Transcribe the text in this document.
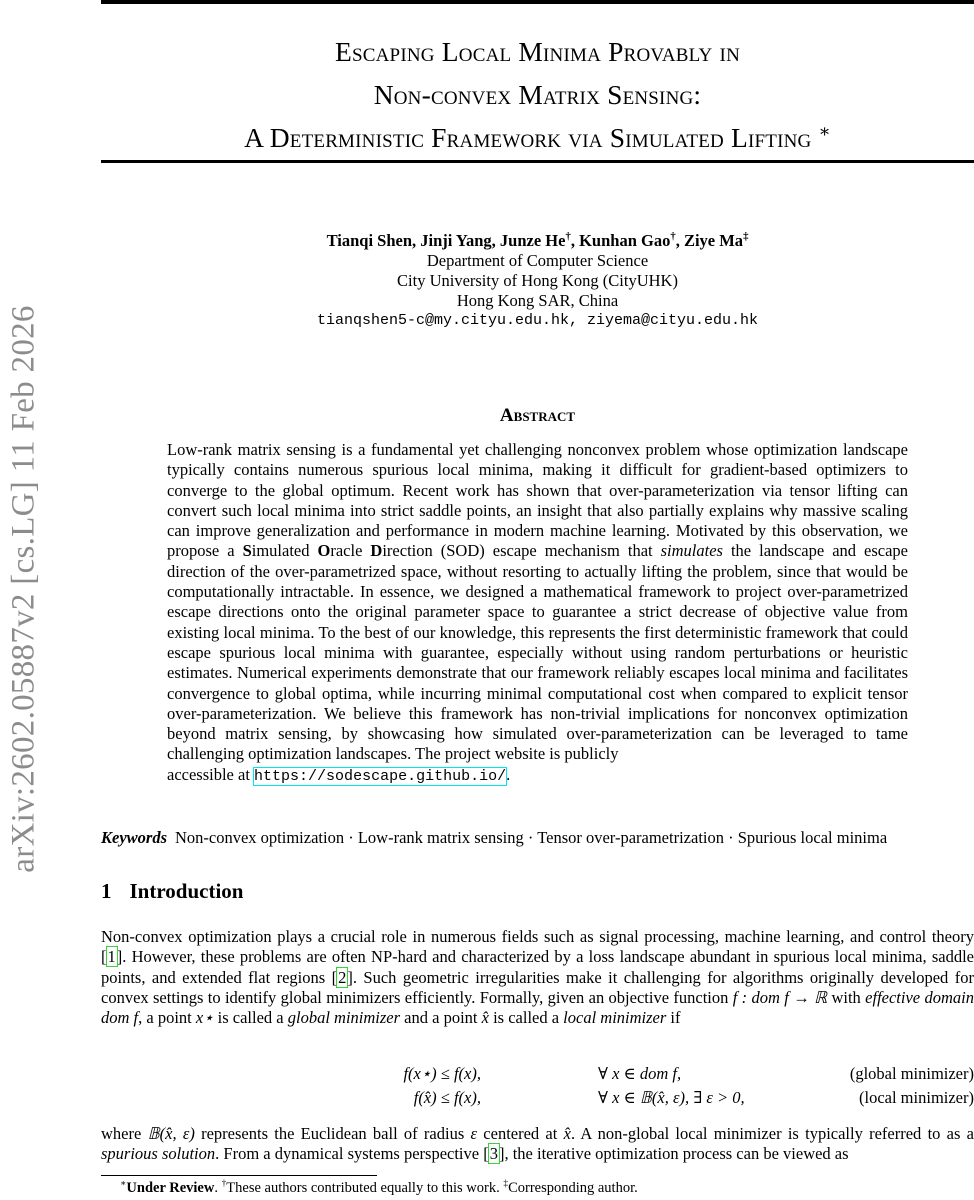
arXiv:2602.05887v2 [cs.LG] 11 Feb 2026
Escaping Local Minima Provably in
Non-convex Matrix Sensing:
A Deterministic Framework via Simulated Lifting ∗
Tianqi Shen, Jinji Yang, Junze He†, Kunhan Gao†, Ziye Ma‡
Department of Computer Science
City University of Hong Kong (CityUHK)
Hong Kong SAR, China
tianqshen5-c@my.cityu.edu.hk, ziyema@cityu.edu.hk
Abstract

Low-rank matrix sensing is a fundamental yet challenging nonconvex problem whose optimization landscape typically contains numerous spurious local minima, making it difficult for gradient-based optimizers to converge to the global optimum. Recent work has shown that over-parameterization via tensor lifting can convert such local minima into strict saddle points, an insight that also partially explains why massive scaling can improve generalization and performance in modern machine learning. Motivated by this observation, we propose a Simulated Oracle Direction (SOD) escape mechanism that simulates the landscape and escape direction of the over-parametrized space, without resorting to actually lifting the problem, since that would be computationally intractable. In essence, we designed a mathematical framework to project over-parametrized escape directions onto the original parameter space to guarantee a strict decrease of objective value from existing local minima. To the best of our knowledge, this represents the first deterministic framework that could escape spurious local minima with guarantee, especially without using random perturbations or heuristic estimates. Numerical experiments demonstrate that our framework reliably escapes local minima and facilitates convergence to global optima, while incurring minimal computational cost when compared to explicit tensor over-parameterization. We believe this framework has non-trivial implications for nonconvex optimization beyond matrix sensing, by showcasing how simulated over-parameterization can be leveraged to tame challenging optimization landscapes. The project website is publicly

accessible at https://sodescape.github.io/.

Keywords Non-convex optimization · Low-rank matrix sensing · Tensor over-parametrization · Spurious local minima
1 Introduction

Non-convex optimization plays a crucial role in numerous fields such as signal processing, machine learning, and control theory [1]. However, these problems are often NP-hard and characterized by a loss landscape abundant in spurious local minima, saddle points, and extended flat regions [2]. Such geometric irregularities make it challenging for algorithms originally developed for convex settings to identify global minimizers efficiently. Formally, given an objective function f : dom f → ℝ with effective domain dom f, a point x⋆ is called a global minimizer and a point x̂ is called a local minimizer if

f(x⋆) ≤ f(x),	∀ x ∈ dom f,	(global minimizer)
f(x̂) ≤ f(x),	∀ x ∈ 𝔹(x̂, ε), ∃ ε > 0,	(local minimizer)

where 𝔹(x̂, ε) represents the Euclidean ball of radius ε centered at x̂. A non-global local minimizer is typically referred to as a spurious solution. From a dynamical systems perspective [3], the iterative optimization process can be viewed as

∗Under Review. †These authors contributed equally to this work. ‡Corresponding author.
